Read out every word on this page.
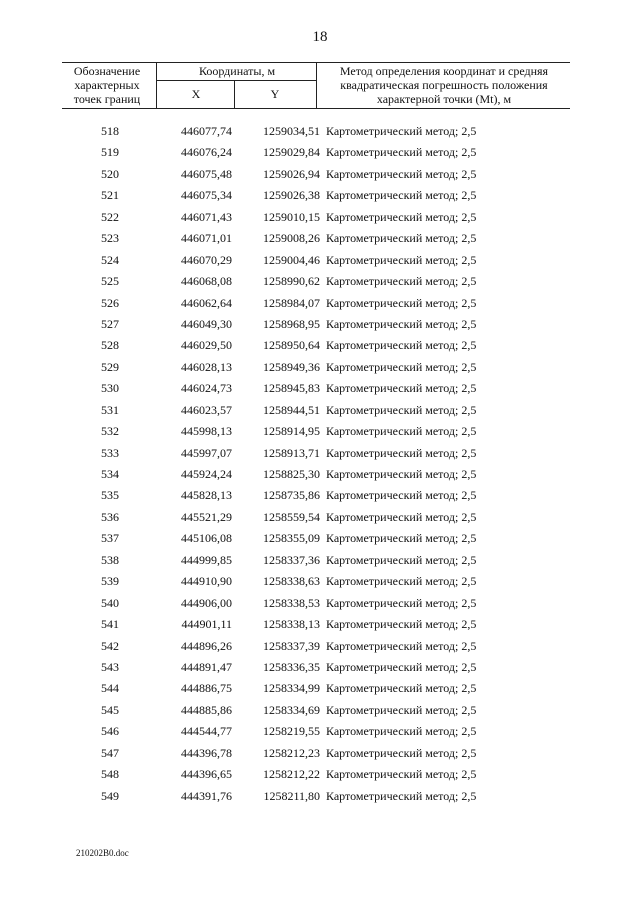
18
Обозначение характерных точек границ
Координаты, м
X	Y
Метод определения координат и средняя квадратическая погрешность положения характерной точки (Mt), м
518	446077,74	1259034,51 Картометрический метод; 2,5
519	446076,24	1259029,84 Картометрический метод; 2,5
520	446075,48	1259026,94 Картометрический метод; 2,5
521	446075,34	1259026,38 Картометрический метод; 2,5
522	446071,43	1259010,15 Картометрический метод; 2,5
523	446071,01	1259008,26 Картометрический метод; 2,5
524	446070,29	1259004,46 Картометрический метод; 2,5
525	446068,08	1258990,62 Картометрический метод; 2,5
526	446062,64	1258984,07 Картометрический метод; 2,5
527	446049,30	1258968,95 Картометрический метод; 2,5
528	446029,50	1258950,64 Картометрический метод; 2,5
529	446028,13	1258949,36 Картометрический метод; 2,5
530	446024,73	1258945,83 Картометрический метод; 2,5
531	446023,57	1258944,51 Картометрический метод; 2,5
532	445998,13	1258914,95 Картометрический метод; 2,5
533	445997,07	1258913,71 Картометрический метод; 2,5
534	445924,24	1258825,30 Картометрический метод; 2,5
535	445828,13	1258735,86 Картометрический метод; 2,5
536	445521,29	1258559,54 Картометрический метод; 2,5
537	445106,08	1258355,09 Картометрический метод; 2,5
538	444999,85	1258337,36 Картометрический метод; 2,5
539	444910,90	1258338,63 Картометрический метод; 2,5
540	444906,00	1258338,53 Картометрический метод; 2,5
541	444901,11	1258338,13 Картометрический метод; 2,5
542	444896,26	1258337,39 Картометрический метод; 2,5
543	444891,47	1258336,35 Картометрический метод; 2,5
544	444886,75	1258334,99 Картометрический метод; 2,5
545	444885,86	1258334,69 Картометрический метод; 2,5
546	444544,77	1258219,55 Картометрический метод; 2,5
547	444396,78	1258212,23 Картометрический метод; 2,5
548	444396,65	1258212,22 Картометрический метод; 2,5
549	444391,76	1258211,80 Картометрический метод; 2,5
210202B0.doc
